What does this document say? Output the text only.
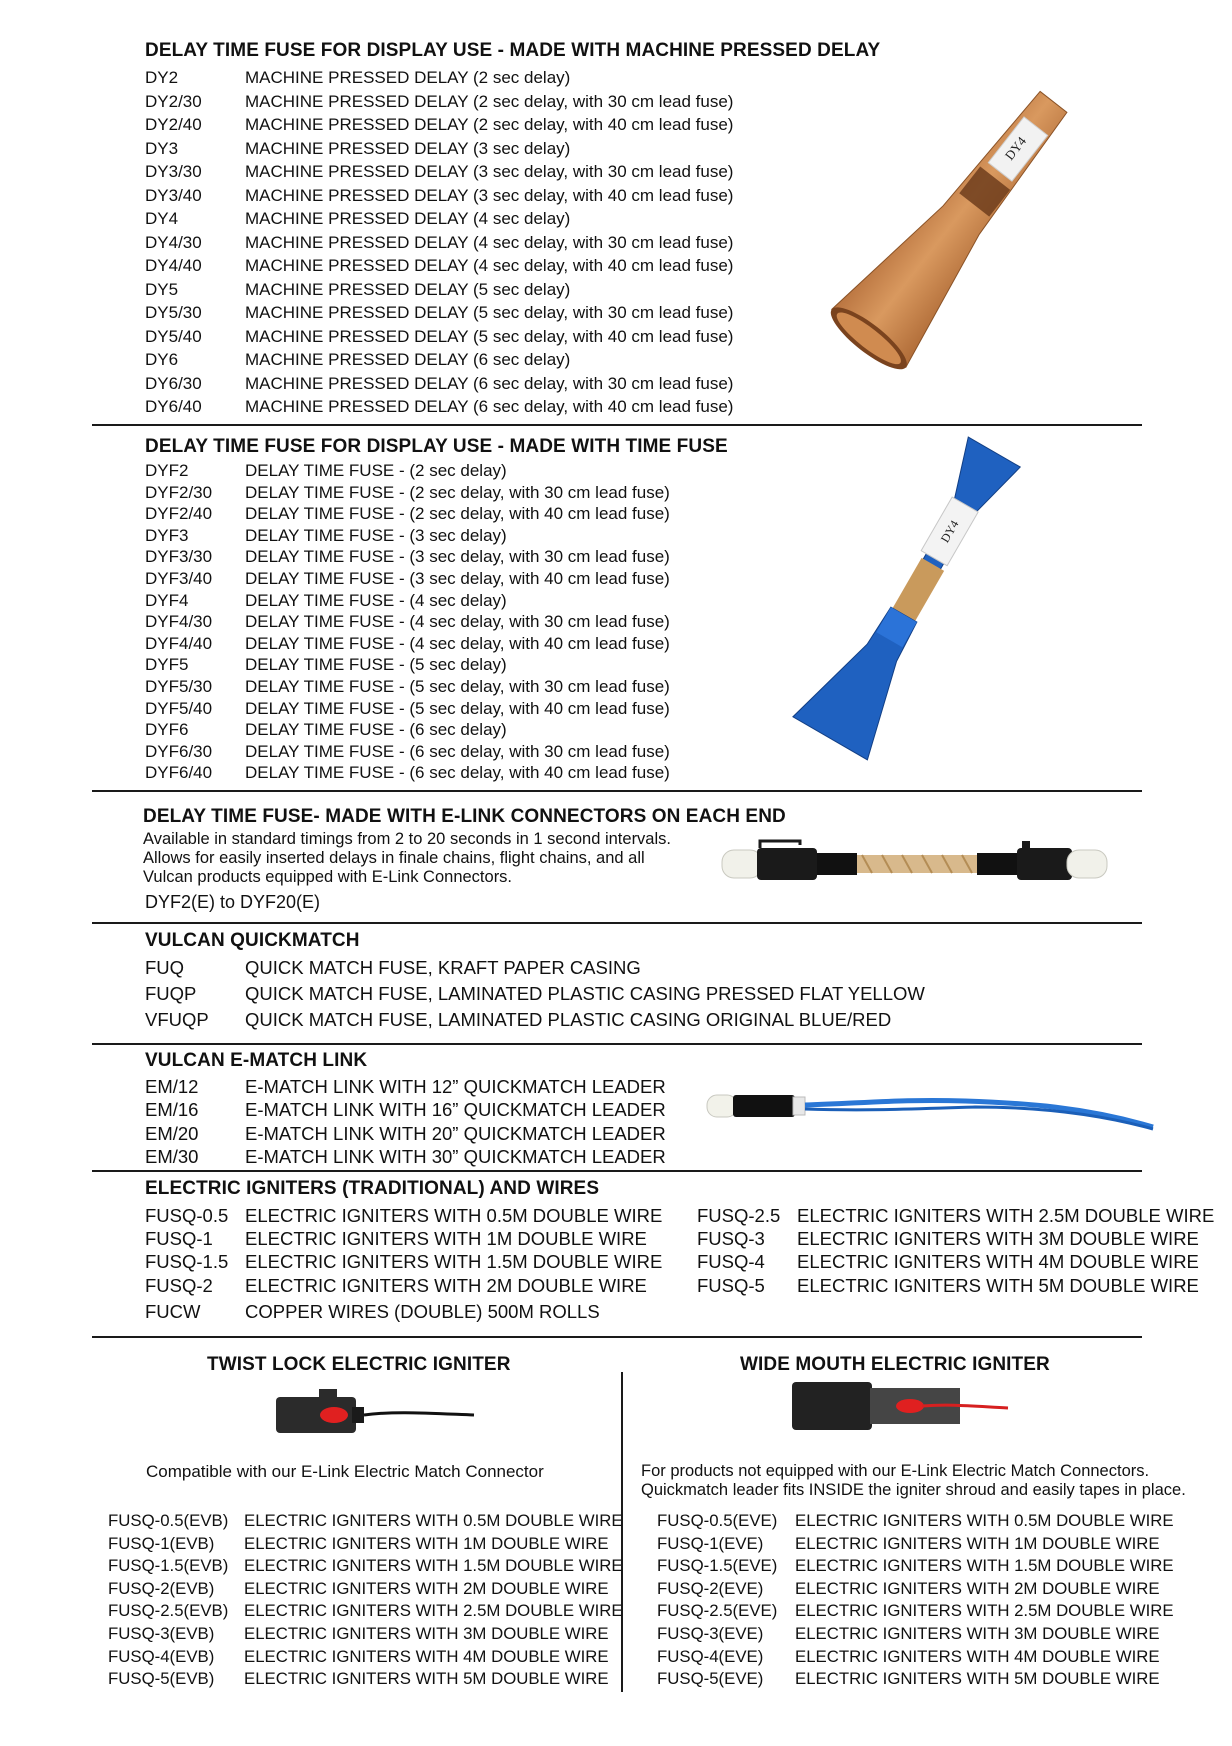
DELAY TIME FUSE FOR DISPLAY USE - MADE WITH MACHINE PRESSED DELAY
DY2	MACHINE PRESSED DELAY (2 sec delay)
DY2/30	MACHINE PRESSED DELAY (2 sec delay, with 30 cm lead fuse)
DY2/40	MACHINE PRESSED DELAY (2 sec delay, with 40 cm lead fuse)
DY3	MACHINE PRESSED DELAY (3 sec delay)
DY3/30	MACHINE PRESSED DELAY (3 sec delay, with 30 cm lead fuse)
DY3/40	MACHINE PRESSED DELAY (3 sec delay, with 40 cm lead fuse)
DY4	MACHINE PRESSED DELAY (4 sec delay)
DY4/30	MACHINE PRESSED DELAY (4 sec delay, with 30 cm lead fuse)
DY4/40	MACHINE PRESSED DELAY (4 sec delay, with 40 cm lead fuse)
DY5	MACHINE PRESSED DELAY (5 sec delay)
DY5/30	MACHINE PRESSED DELAY (5 sec delay, with 30 cm lead fuse)
DY5/40	MACHINE PRESSED DELAY (5 sec delay, with 40 cm lead fuse)
DY6	MACHINE PRESSED DELAY (6 sec delay)
DY6/30	MACHINE PRESSED DELAY (6 sec delay, with 30 cm lead fuse)
DY6/40	MACHINE PRESSED DELAY (6 sec delay, with 40 cm lead fuse)
DY4
DELAY TIME FUSE FOR DISPLAY USE - MADE WITH TIME FUSE
DYF2	DELAY TIME FUSE - (2 sec delay)
DYF2/30	DELAY TIME FUSE - (2 sec delay, with 30 cm lead fuse)
DYF2/40	DELAY TIME FUSE - (2 sec delay, with 40 cm lead fuse)
DYF3	DELAY TIME FUSE - (3 sec delay)
DYF3/30	DELAY TIME FUSE - (3 sec delay, with 30 cm lead fuse)
DYF3/40	DELAY TIME FUSE - (3 sec delay, with 40 cm lead fuse)
DYF4	DELAY TIME FUSE - (4 sec delay)
DYF4/30	DELAY TIME FUSE - (4 sec delay, with 30 cm lead fuse)
DYF4/40	DELAY TIME FUSE - (4 sec delay, with 40 cm lead fuse)
DYF5	DELAY TIME FUSE - (5 sec delay)
DYF5/30	DELAY TIME FUSE - (5 sec delay, with 30 cm lead fuse)
DYF5/40	DELAY TIME FUSE - (5 sec delay, with 40 cm lead fuse)
DYF6	DELAY TIME FUSE - (6 sec delay)
DYF6/30	DELAY TIME FUSE - (6 sec delay, with 30 cm lead fuse)
DYF6/40	DELAY TIME FUSE - (6 sec delay, with 40 cm lead fuse)
DY4
DELAY TIME FUSE- MADE WITH E-LINK CONNECTORS ON EACH END
Available in standard timings from 2 to 20 seconds in 1 second intervals.
Allows for easily inserted delays in finale chains, flight chains, and all
Vulcan products equipped with E-Link Connectors.
DYF2(E) to DYF20(E)
VULCAN QUICKMATCH
FUQ	QUICK MATCH FUSE, KRAFT PAPER CASING
FUQP	QUICK MATCH FUSE, LAMINATED PLASTIC CASING PRESSED FLAT YELLOW
VFUQP	QUICK MATCH FUSE, LAMINATED PLASTIC CASING ORIGINAL BLUE/RED
VULCAN E-MATCH LINK
EM/12	E-MATCH LINK WITH 12” QUICKMATCH LEADER
EM/16	E-MATCH LINK WITH 16” QUICKMATCH LEADER
EM/20	E-MATCH LINK WITH 20” QUICKMATCH LEADER
EM/30	E-MATCH LINK WITH 30” QUICKMATCH LEADER
ELECTRIC IGNITERS (TRADITIONAL) AND WIRES
FUSQ-0.5 ELECTRIC IGNITERS WITH 0.5M DOUBLE WIRE
FUSQ-1	ELECTRIC IGNITERS WITH 1M DOUBLE WIRE
FUSQ-1.5 ELECTRIC IGNITERS WITH 1.5M DOUBLE WIRE
FUSQ-2	ELECTRIC IGNITERS WITH 2M DOUBLE WIRE
FUSQ-2.5 ELECTRIC IGNITERS WITH 2.5M DOUBLE WIRE
FUSQ-3	ELECTRIC IGNITERS WITH 3M DOUBLE WIRE
FUSQ-4	ELECTRIC IGNITERS WITH 4M DOUBLE WIRE
FUSQ-5	ELECTRIC IGNITERS WITH 5M DOUBLE WIRE
FUCW	COPPER WIRES (DOUBLE) 500M ROLLS
TWIST LOCK ELECTRIC IGNITER
Compatible with our E-Link Electric Match Connector
FUSQ-0.5(EVB) ELECTRIC IGNITERS WITH 0.5M DOUBLE WIRE
FUSQ-1(EVB)	ELECTRIC IGNITERS WITH 1M DOUBLE WIRE
FUSQ-1.5(EVB) ELECTRIC IGNITERS WITH 1.5M DOUBLE WIRE
FUSQ-2(EVB)	ELECTRIC IGNITERS WITH 2M DOUBLE WIRE
FUSQ-2.5(EVB) ELECTRIC IGNITERS WITH 2.5M DOUBLE WIRE
FUSQ-3(EVB)	ELECTRIC IGNITERS WITH 3M DOUBLE WIRE
FUSQ-4(EVB)	ELECTRIC IGNITERS WITH 4M DOUBLE WIRE
FUSQ-5(EVB)	ELECTRIC IGNITERS WITH 5M DOUBLE WIRE
WIDE MOUTH ELECTRIC IGNITER
For products not equipped with our E-Link Electric Match Connectors.
Quickmatch leader fits INSIDE the igniter shroud and easily tapes in place.
FUSQ-0.5(EVE)	ELECTRIC IGNITERS WITH 0.5M DOUBLE WIRE
FUSQ-1(EVE)	ELECTRIC IGNITERS WITH 1M DOUBLE WIRE
FUSQ-1.5(EVE)	ELECTRIC IGNITERS WITH 1.5M DOUBLE WIRE
FUSQ-2(EVE)	ELECTRIC IGNITERS WITH 2M DOUBLE WIRE
FUSQ-2.5(EVE)	ELECTRIC IGNITERS WITH 2.5M DOUBLE WIRE
FUSQ-3(EVE)	ELECTRIC IGNITERS WITH 3M DOUBLE WIRE
FUSQ-4(EVE)	ELECTRIC IGNITERS WITH 4M DOUBLE WIRE
FUSQ-5(EVE)	ELECTRIC IGNITERS WITH 5M DOUBLE WIRE
